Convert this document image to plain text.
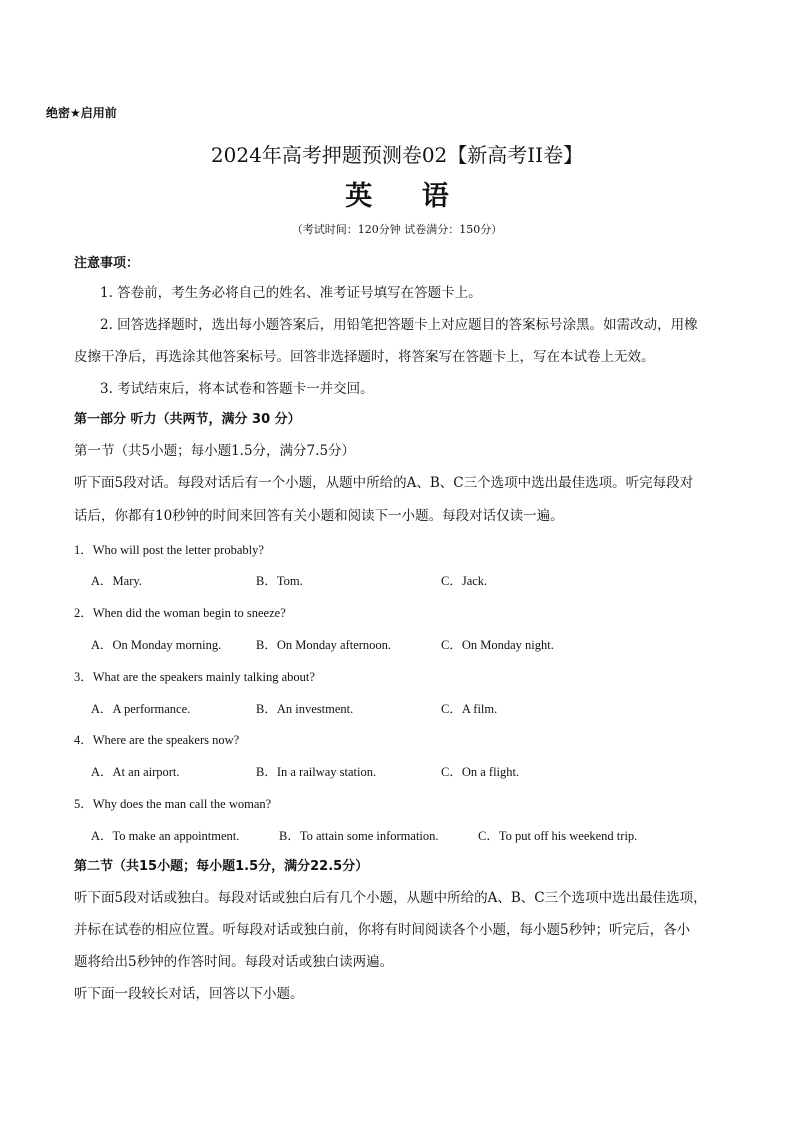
绝密★启用前
2024年高考押题预测卷02【新高考II卷】
英 语
（考试时间：120分钟 试卷满分：150分）
注意事项：
1. 答卷前，考生务必将自己的姓名、准考证号填写在答题卡上。
2. 回答选择题时，选出每小题答案后，用铅笔把答题卡上对应题目的答案标号涂黑。如需改动，用橡
皮擦干净后，再选涂其他答案标号。回答非选择题时，将答案写在答题卡上，写在本试卷上无效。
3. 考试结束后，将本试卷和答题卡一并交回。
第一部分 听力（共两节，满分 30 分）
第一节（共5小题；每小题1.5分，满分7.5分）
听下面5段对话。每段对话后有一个小题，从题中所给的A、B、C三个选项中选出最佳选项。听完每段对
话后，你都有10秒钟的时间来回答有关小题和阅读下一小题。每段对话仅读一遍。
1．Who will post the letter probably?
A．Mary.	B．Tom.	C．Jack.
2．When did the woman begin to sneeze?
A．On Monday morning.	B．On Monday afternoon.	C．On Monday night.
3．What are the speakers mainly talking about?
A．A performance.	B．An investment.	C．A film.
4．Where are the speakers now?
A．At an airport.	B．In a railway station.	C．On a flight.
5．Why does the man call the woman?
A．To make an appointment.	B．To attain some information.	C．To put off his weekend trip.
第二节（共15小题；每小题1.5分，满分22.5分）
听下面5段对话或独白。每段对话或独白后有几个小题，从题中所给的A、B、C三个选项中选出最佳选项，
并标在试卷的相应位置。听每段对话或独白前，你将有时间阅读各个小题，每小题5秒钟；听完后，各小
题将给出5秒钟的作答时间。每段对话或独白读两遍。
听下面一段较长对话，回答以下小题。
